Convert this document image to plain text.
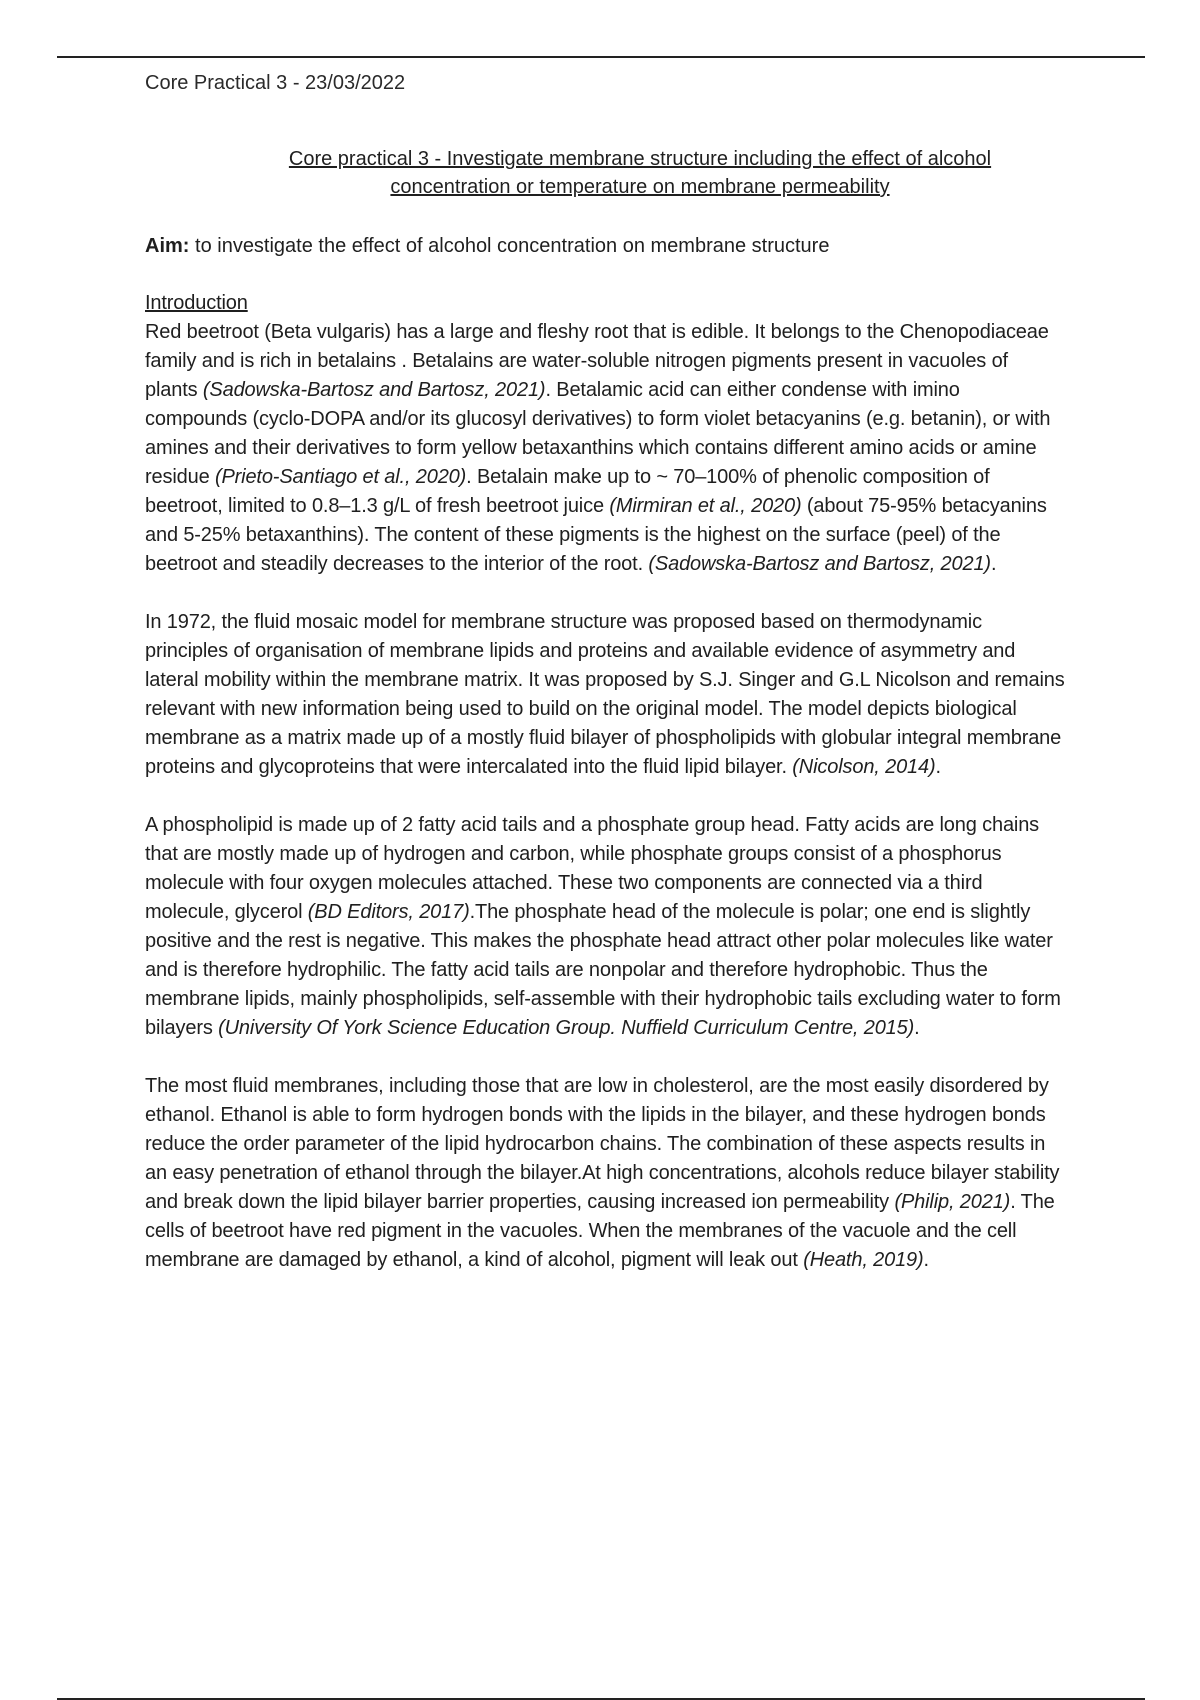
Core Practical 3 - 23/03/2022
Core practical 3 - Investigate membrane structure including the effect of alcohol
concentration or temperature on membrane permeability
Aim: to investigate the effect of alcohol concentration on membrane structure

Introduction

Red beetroot (Beta vulgaris) has a large and fleshy root that is edible. It belongs to the Chenopodiaceae family and is rich in betalains . Betalains are water-soluble nitrogen pigments present in vacuoles of plants (Sadowska-Bartosz and Bartosz, 2021). Betalamic acid can either condense with imino compounds (cyclo-DOPA and/or its glucosyl derivatives) to form violet betacyanins (e.g. betanin), or with amines and their derivatives to form yellow betaxanthins which contains different amino acids or amine residue (Prieto-Santiago et al., 2020). Betalain make up to ~ 70–100% of phenolic composition of beetroot, limited to 0.8–1.3 g/L of fresh beetroot juice (Mirmiran et al., 2020) (about 75-95% betacyanins and 5-25% betaxanthins). The content of these pigments is the highest on the surface (peel) of the beetroot and steadily decreases to the interior of the root. (Sadowska-Bartosz and Bartosz, 2021).

In 1972, the fluid mosaic model for membrane structure was proposed based on thermodynamic principles of organisation of membrane lipids and proteins and available evidence of asymmetry and lateral mobility within the membrane matrix. It was proposed by S.J. Singer and G.L Nicolson and remains relevant with new information being used to build on the original model. The model depicts biological membrane as a matrix made up of a mostly fluid bilayer of phospholipids with globular integral membrane proteins and glycoproteins that were intercalated into the fluid lipid bilayer. (Nicolson, 2014).

A phospholipid is made up of 2 fatty acid tails and a phosphate group head. Fatty acids are long chains that are mostly made up of hydrogen and carbon, while phosphate groups consist of a phosphorus molecule with four oxygen molecules attached. These two components are connected via a third molecule, glycerol (BD Editors, 2017).The phosphate head of the molecule is polar; one end is slightly positive and the rest is negative. This makes the phosphate head attract other polar molecules like water and is therefore hydrophilic. The fatty acid tails are nonpolar and therefore hydrophobic. Thus the membrane lipids, mainly phospholipids, self-assemble with their hydrophobic tails excluding water to form bilayers (University Of York Science Education Group. Nuffield Curriculum Centre, 2015).

The most fluid membranes, including those that are low in cholesterol, are the most easily disordered by ethanol. Ethanol is able to form hydrogen bonds with the lipids in the bilayer, and these hydrogen bonds reduce the order parameter of the lipid hydrocarbon chains. The combination of these aspects results in an easy penetration of ethanol through the bilayer.At high concentrations, alcohols reduce bilayer stability and break down the lipid bilayer barrier properties, causing increased ion permeability (Philip, 2021). The cells of beetroot have red pigment in the vacuoles. When the membranes of the vacuole and the cell membrane are damaged by ethanol, a kind of alcohol, pigment will leak out (Heath, 2019).
